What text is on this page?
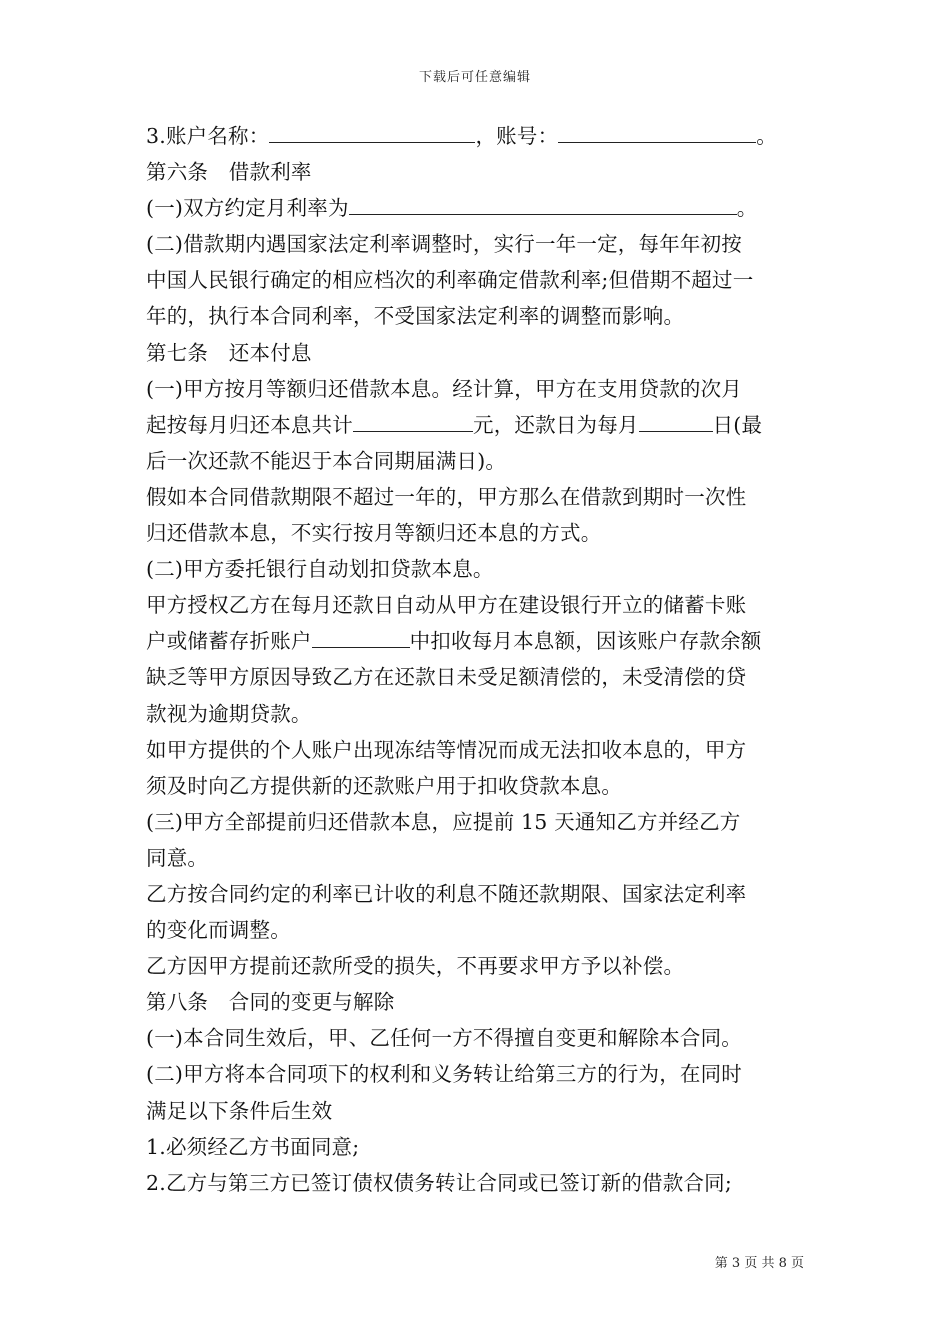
下载后可任意编辑
3.账户名称：	，账号：	。
第六条　借款利率
(一)双方约定月利率为	。
(二)借款期内遇国家法定利率调整时，实行一年一定，每年年初按
中国人民银行确定的相应档次的利率确定借款利率;但借期不超过一
年的，执行本合同利率，不受国家法定利率的调整而影响。
第七条　还本付息
(一)甲方按月等额归还借款本息。经计算，甲方在支用贷款的次月
起按每月归还本息共计	元，还款日为每月	日(最
后一次还款不能迟于本合同期届满日)。
假如本合同借款期限不超过一年的，甲方那么在借款到期时一次性
归还借款本息，不实行按月等额归还本息的方式。
(二)甲方委托银行自动划扣贷款本息。
甲方授权乙方在每月还款日自动从甲方在建设银行开立的储蓄卡账
户或储蓄存折账户	中扣收每月本息额，因该账户存款余额
缺乏等甲方原因导致乙方在还款日未受足额清偿的，未受清偿的贷
款视为逾期贷款。
如甲方提供的个人账户出现冻结等情况而成无法扣收本息的，甲方
须及时向乙方提供新的还款账户用于扣收贷款本息。
(三)甲方全部提前归还借款本息，应提前 15 天通知乙方并经乙方
同意。
乙方按合同约定的利率已计收的利息不随还款期限、国家法定利率
的变化而调整。
乙方因甲方提前还款所受的损失，不再要求甲方予以补偿。
第八条　合同的变更与解除
(一)本合同生效后，甲、乙任何一方不得擅自变更和解除本合同。
(二)甲方将本合同项下的权利和义务转让给第三方的行为，在同时
满足以下条件后生效
1.必须经乙方书面同意;
2.乙方与第三方已签订债权债务转让合同或已签订新的借款合同;
第 3 页 共 8 页
